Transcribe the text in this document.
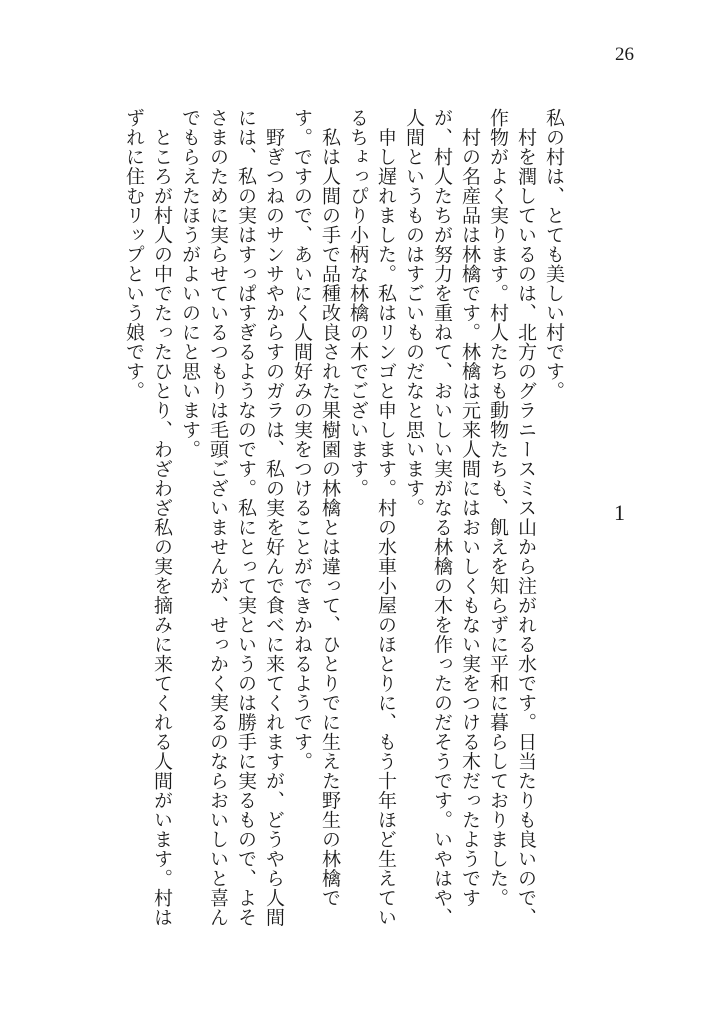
26
1

私の村は、とても美しい村です。

　村を潤しているのは、北方のグラニースミス山から注がれる水です。日当たりも良いので、作物がよく実ります。村人たちも動物たちも、飢えを知らずに平和に暮らしておりました。

　村の名産品は林檎です。林檎は元来人間にはおいしくもない実をつける木だったようですが、村人たちが努力を重ねて、おいしい実がなる林檎の木を作ったのだそうです。いやはや、人間というものはすごいものだなと思います。

　申し遅れました。私はリンゴと申します。村の水車小屋のほとりに、もう十年ほど生えているちょっぴり小柄な林檎の木でございます。

　私は人間の手で品種改良された果樹園の林檎とは違って、ひとりでに生えた野生の林檎です。ですので、あいにく人間好みの実をつけることができかねるようです。

　野ぎつねのサンサやからすのガラは、私の実を好んで食べに来てくれますが、どうやら人間には、私の実はすっぱすぎるようなのです。私にとって実というのは勝手に実るもので、よそさまのために実らせているつもりは毛頭ございませんが、せっかく実るのならおいしいと喜んでもらえたほうがよいのにと思います。

　ところが村人の中でたったひとり、わざわざ私の実を摘みに来てくれる人間がいます。村はずれに住むリップという娘です。
